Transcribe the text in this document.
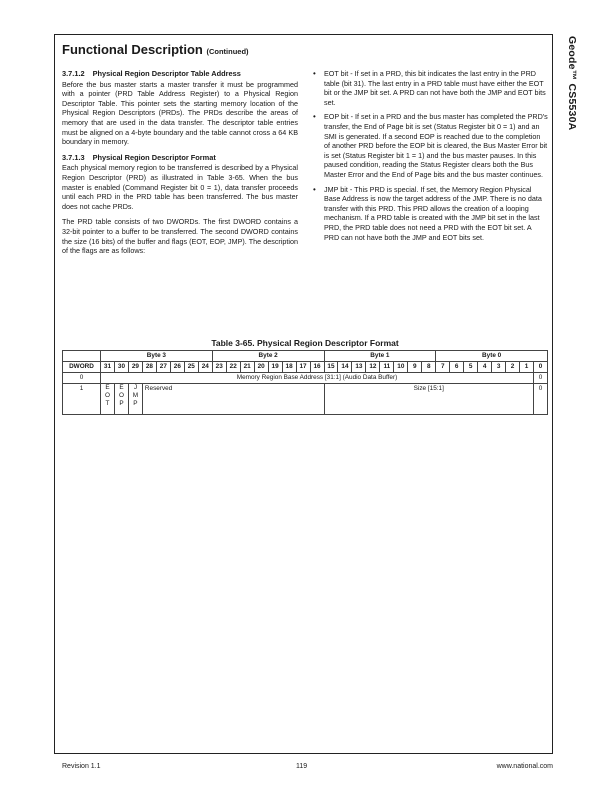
Geode™ CS5530A
Functional Description (Continued)
3.7.1.2 Physical Region Descriptor Table Address

Before the bus master starts a master transfer it must be programmed with a pointer (PRD Table Address Register) to a Physical Region Descriptor Table. This pointer sets the starting memory location of the Physical Region Descriptors (PRDs). The PRDs describe the areas of memory that are used in the data transfer. The descriptor table entries must be aligned on a 4-byte boundary and the table cannot cross a 64 KB boundary in memory.

3.7.1.3 Physical Region Descriptor Format

Each physical memory region to be transferred is described by a Physical Region Descriptor (PRD) as illustrated in Table 3-65. When the bus master is enabled (Command Register bit 0 = 1), data transfer proceeds until each PRD in the PRD table has been transferred. The bus master does not cache PRDs.

The PRD table consists of two DWORDs. The first DWORD contains a 32-bit pointer to a buffer to be transferred. The second DWORD contains the size (16 bits) of the buffer and flags (EOT, EOP, JMP). The description of the flags are as follows:

• EOT bit - If set in a PRD, this bit indicates the last entry in the PRD table (bit 31). The last entry in a PRD table must have either the EOT bit or the JMP bit set. A PRD can not have both the JMP and EOT bits set.
• EOP bit - If set in a PRD and the bus master has completed the PRD's transfer, the End of Page bit is set (Status Register bit 0 = 1) and an SMI is generated. If a second EOP is reached due to the completion of another PRD before the EOP bit is cleared, the Bus Master Error bit is set (Status Register bit 1 = 1) and the bus master pauses. In this paused condition, reading the Status Register clears both the Bus Master Error and the End of Page bits and the bus master continues.
• JMP bit - This PRD is special. If set, the Memory Region Physical Base Address is now the target address of the JMP. There is no data transfer with this PRD. This PRD allows the creation of a looping mechanism. If a PRD table is created with the JMP bit set in the last PRD, the PRD table does not need a PRD with the EOT bit set. A PRD can not have both the JMP and EOT bits set.
Table 3-65. Physical Region Descriptor Format
	Byte 3								Byte 2								Byte 1								Byte 0							
DWORD	31	30	29	28	27	26	25	24	23	22	21	20	19	18	17	16	15	14	13	12	11	10	9	8	7	6	5	4	3	2	1	0
0	Memory Region Base Address [31:1] (Audio Data Buffer)																															0
1	E
O
T	E
O
P	J
M
P	Reserved													Size [15:1]															0
Revision 1.1	119	www.national.com
